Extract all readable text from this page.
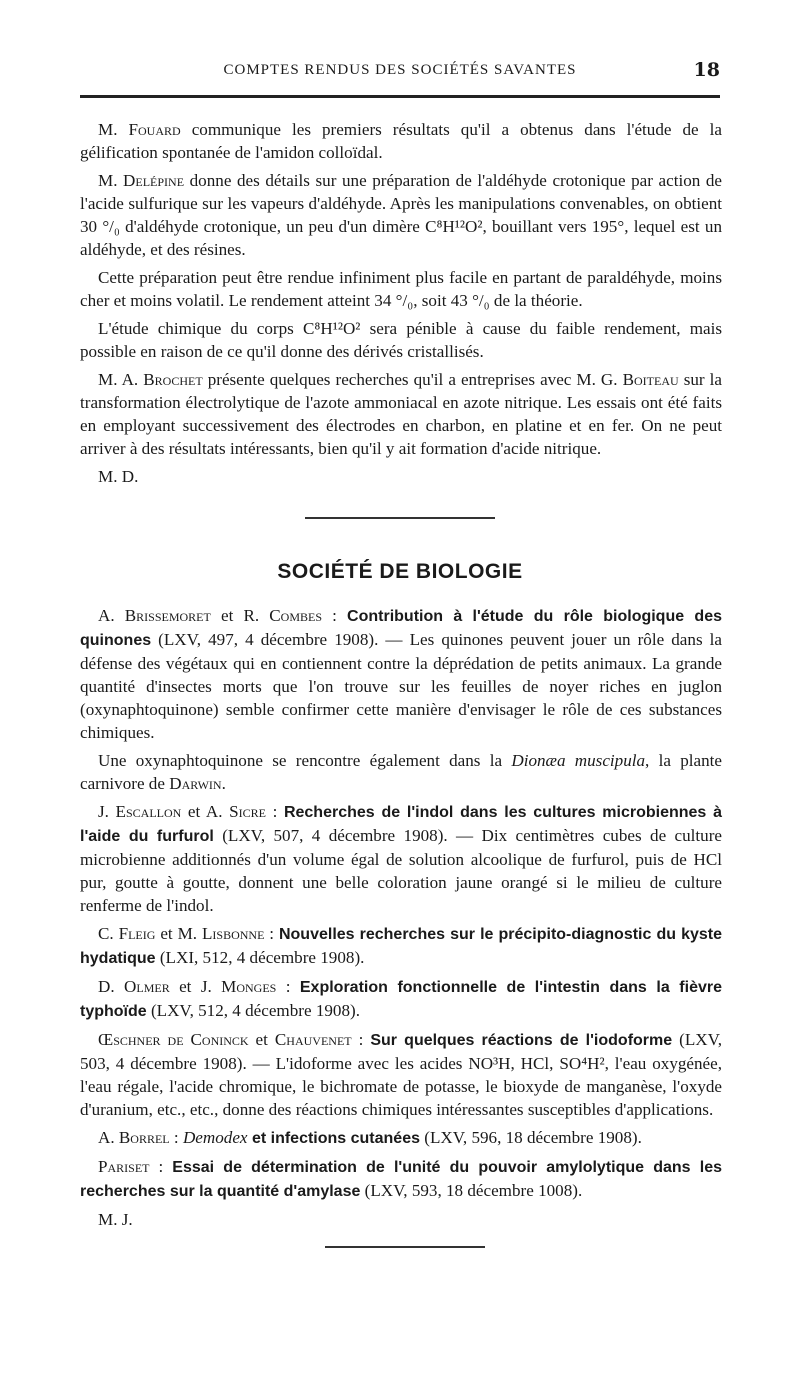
COMPTES RENDUS DES SOCIÉTÉS SAVANTES	18

M. Fouard communique les premiers résultats qu'il a obtenus dans l'étude de la gélification spontanée de l'amidon colloïdal.

M. Delépine donne des détails sur une préparation de l'aldéhyde crotonique par action de l'acide sulfurique sur les vapeurs d'aldéhyde. Après les manipulations convenables, on obtient 30 °/₀ d'aldéhyde crotonique, un peu d'un dimère C⁸H¹²O², bouillant vers 195°, lequel est un aldéhyde, et des résines.

Cette préparation peut être rendue infiniment plus facile en partant de paraldéhyde, moins cher et moins volatil. Le rendement atteint 34 °/₀, soit 43 °/₀ de la théorie.

L'étude chimique du corps C⁸H¹²O² sera pénible à cause du faible rendement, mais possible en raison de ce qu'il donne des dérivés cristallisés.

M. A. Brochet présente quelques recherches qu'il a entreprises avec M. G. Boiteau sur la transformation électrolytique de l'azote ammoniacal en azote nitrique. Les essais ont été faits en employant successivement des électrodes en charbon, en platine et en fer. On ne peut arriver à des résultats intéressants, bien qu'il y ait formation d'acide nitrique.

M. D.

SOCIÉTÉ DE BIOLOGIE

A. Brissemoret et R. Combes : Contribution à l'étude du rôle biologique des quinones (LXV, 497, 4 décembre 1908). — Les quinones peuvent jouer un rôle dans la défense des végétaux qui en contiennent contre la déprédation de petits animaux. La grande quantité d'insectes morts que l'on trouve sur les feuilles de noyer riches en juglon (oxynaphtoquinone) semble confirmer cette manière d'envisager le rôle de ces substances chimiques.

Une oxynaphtoquinone se rencontre également dans la Dionæa muscipula, la plante carnivore de Darwin.

J. Escallon et A. Sicre : Recherches de l'indol dans les cultures microbiennes à l'aide du furfurol (LXV, 507, 4 décembre 1908). — Dix centimètres cubes de culture microbienne additionnés d'un volume égal de solution alcoolique de furfurol, puis de HCl pur, goutte à goutte, donnent une belle coloration jaune orangé si le milieu de culture renferme de l'indol.

C. Fleig et M. Lisbonne : Nouvelles recherches sur le précipito-diagnostic du kyste hydatique (LXI, 512, 4 décembre 1908).

D. Olmer et J. Monges : Exploration fonctionnelle de l'intestin dans la fièvre typhoïde (LXV, 512, 4 décembre 1908).

Œschner de Coninck et Chauvenet : Sur quelques réactions de l'iodoforme (LXV, 503, 4 décembre 1908). — L'idoforme avec les acides NO³H, HCl, SO⁴H², l'eau oxygénée, l'eau régale, l'acide chromique, le bichromate de potasse, le bioxyde de manganèse, l'oxyde d'uranium, etc., etc., donne des réactions chimiques intéressantes susceptibles d'applications.

A. Borrel : Demodex et infections cutanées (LXV, 596, 18 décembre 1908).

Pariset : Essai de détermination de l'unité du pouvoir amylolytique dans les recherches sur la quantité d'amylase (LXV, 593, 18 décembre 1008).

M. J.
